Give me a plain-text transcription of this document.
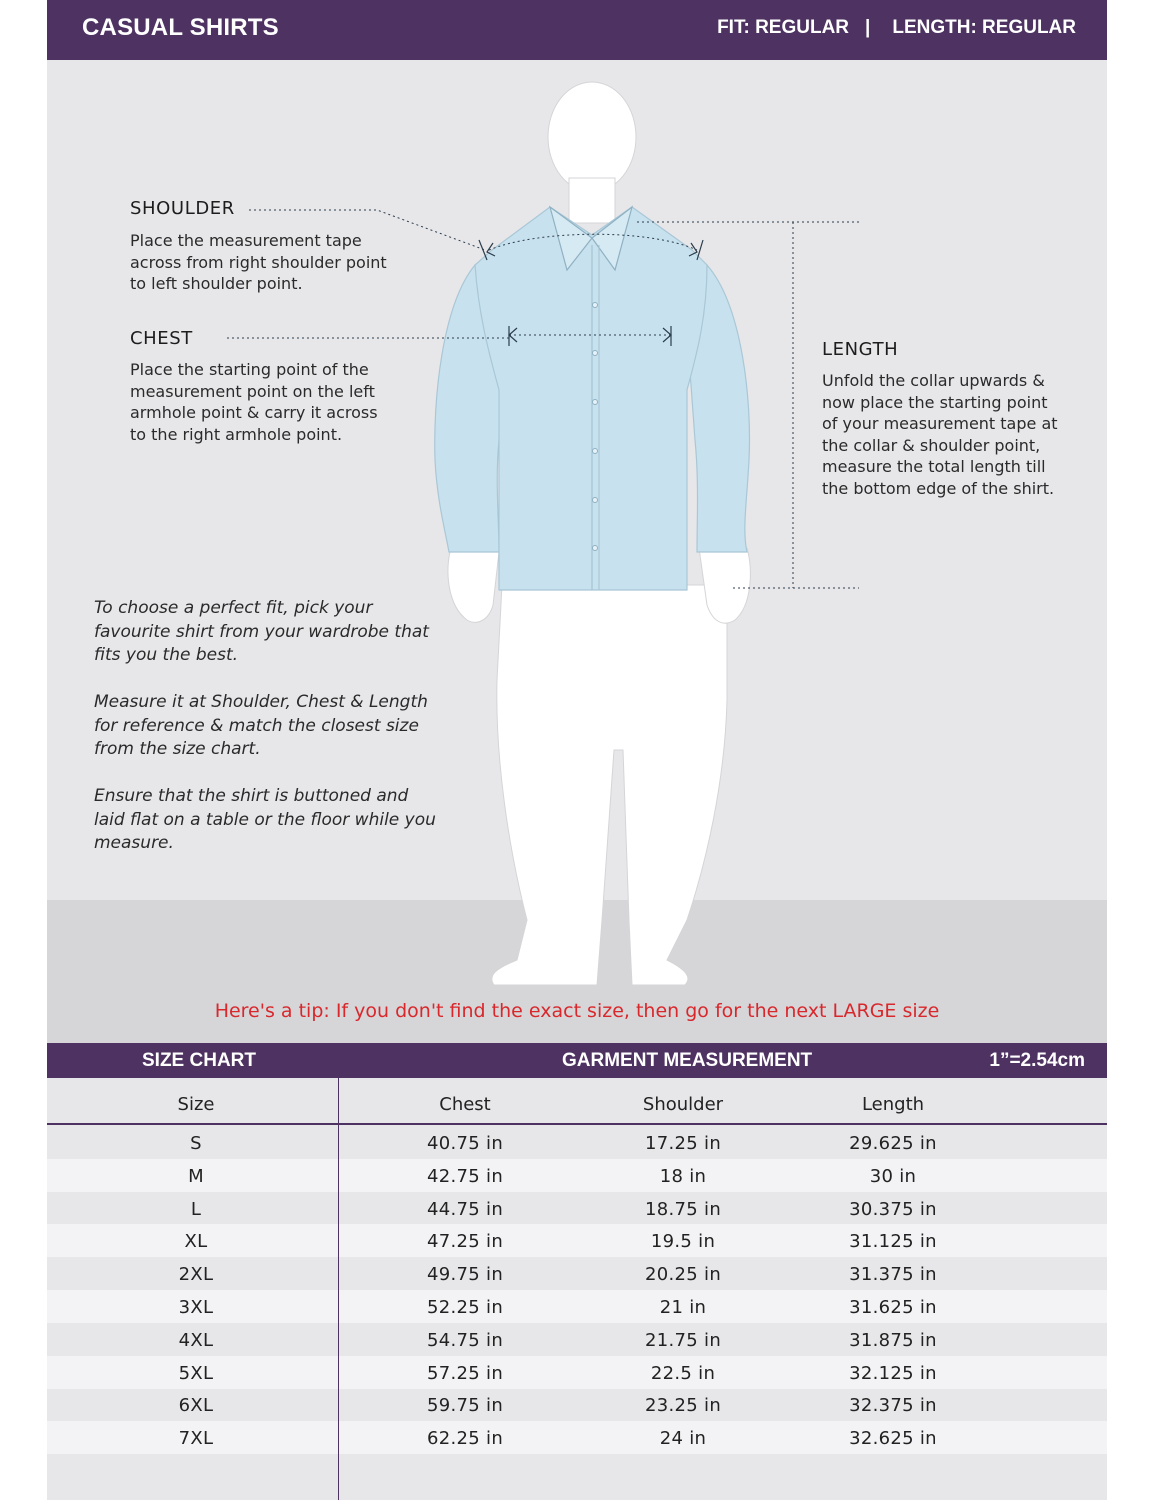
CASUAL SHIRTS	FIT: REGULAR | LENGTH: REGULAR
SHOULDER
Place the measurement tape
across from right shoulder point
to left shoulder point.
CHEST
Place the starting point of the
measurement point on the left
armhole point & carry it across
to the right armhole point.
LENGTH
Unfold the collar upwards &
now place the starting point
of your measurement tape at
the collar & shoulder point,
measure the total length till
the bottom edge of the shirt.
To choose a perfect fit, pick your
favourite shirt from your wardrobe that
fits you the best.
Measure it at Shoulder, Chest & Length
for reference & match the closest size
from the size chart.
Ensure that the shirt is buttoned and
laid flat on a table or the floor while you
measure.
Here's a tip: If you don't find the exact size, then go for the next LARGE size
SIZE CHART	GARMENT MEASUREMENT	1”=2.54cm
Size	Chest	Shoulder	Length
S	40.75 in	17.25 in	29.625 in
M	42.75 in	18 in	30 in
L	44.75 in	18.75 in	30.375 in
XL	47.25 in	19.5 in	31.125 in
2XL	49.75 in	20.25 in	31.375 in
3XL	52.25 in	21 in	31.625 in
4XL	54.75 in	21.75 in	31.875 in
5XL	57.25 in	22.5 in	32.125 in
6XL	59.75 in	23.25 in	32.375 in
7XL	62.25 in	24 in	32.625 in
